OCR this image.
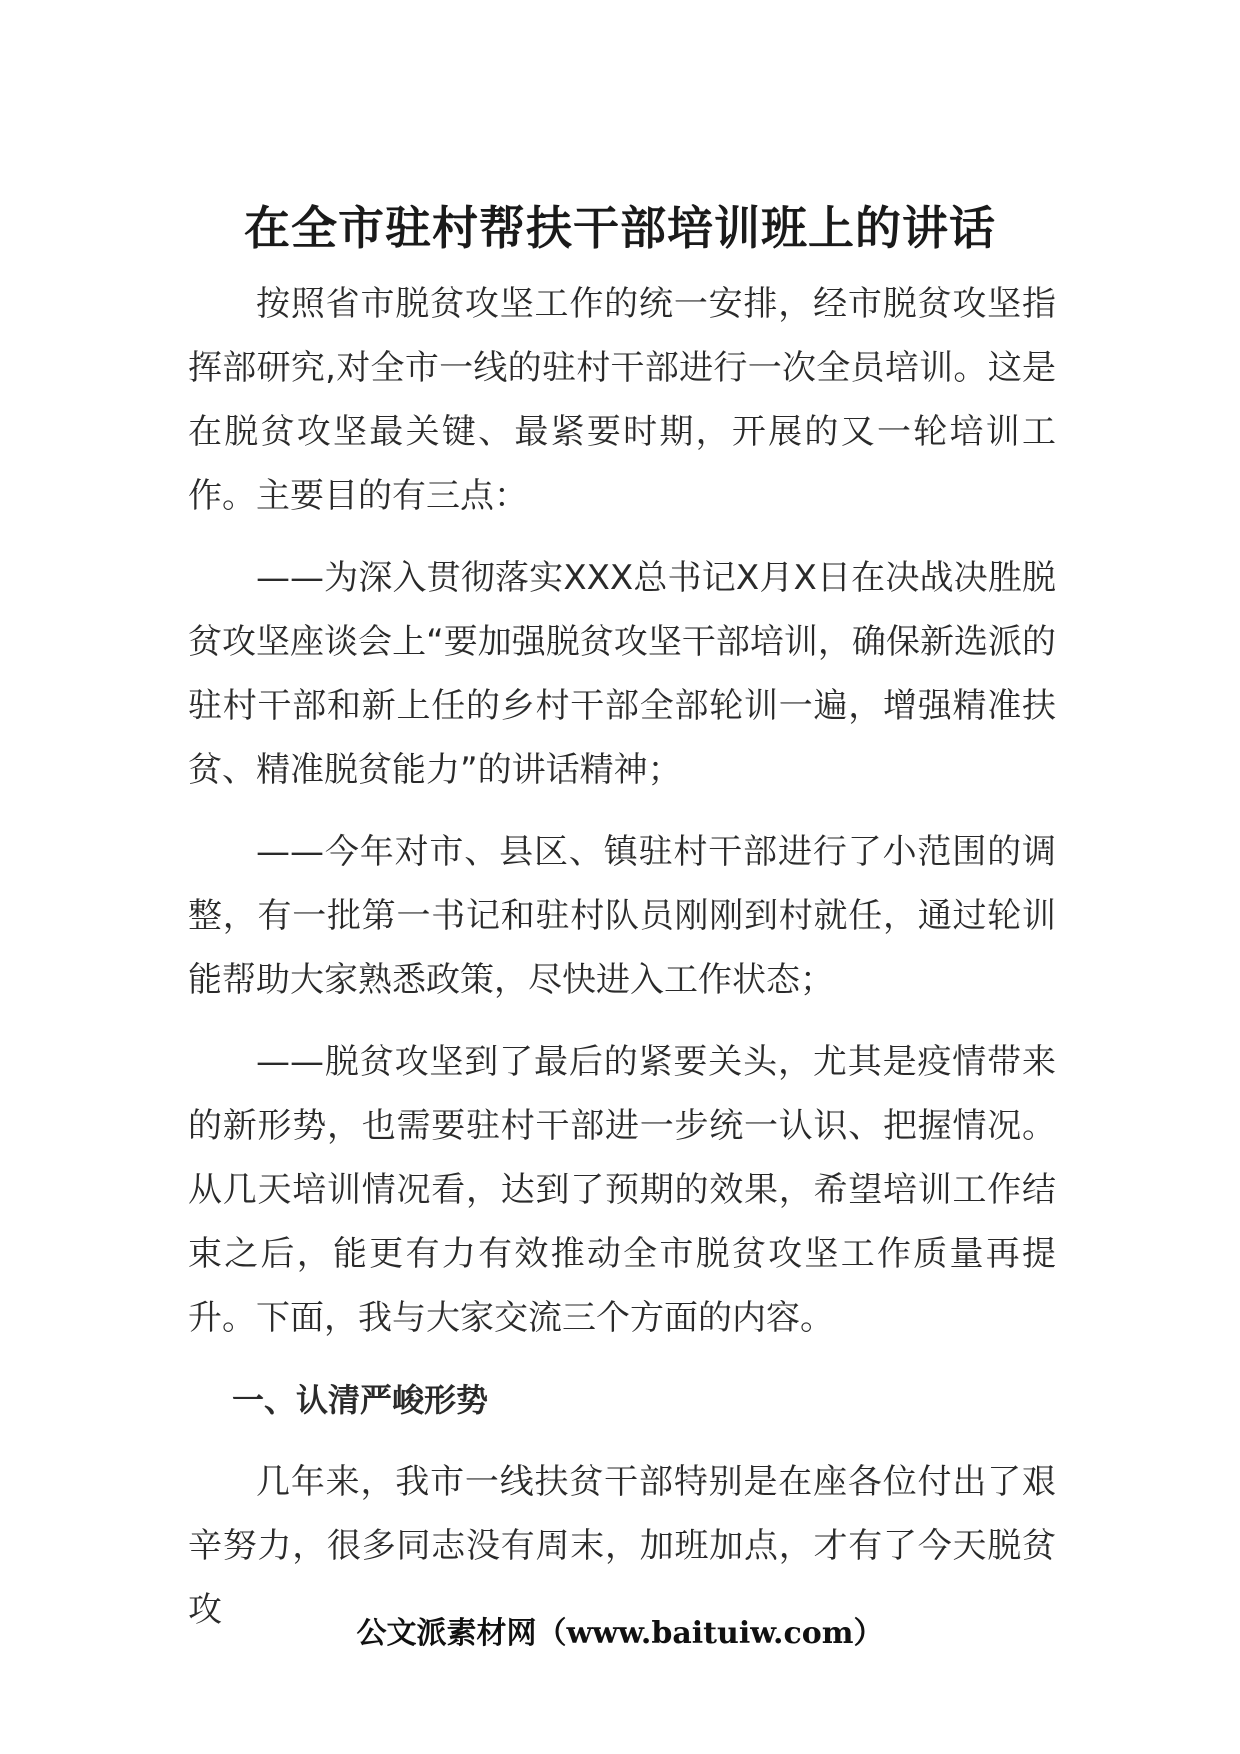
在全市驻村帮扶干部培训班上的讲话

按照省市脱贫攻坚工作的统一安排，经市脱贫攻坚指挥部研究,对全市一线的驻村干部进行一次全员培训。这是在脱贫攻坚最关键、最紧要时期，开展的又一轮培训工作。主要目的有三点：

——为深入贯彻落实XXX总书记X月X日在决战决胜脱贫攻坚座谈会上“要加强脱贫攻坚干部培训，确保新选派的驻村干部和新上任的乡村干部全部轮训一遍，增强精准扶贫、精准脱贫能力”的讲话精神；

——今年对市、县区、镇驻村干部进行了小范围的调整，有一批第一书记和驻村队员刚刚到村就任，通过轮训能帮助大家熟悉政策，尽快进入工作状态；

——脱贫攻坚到了最后的紧要关头，尤其是疫情带来的新形势，也需要驻村干部进一步统一认识、把握情况。从几天培训情况看，达到了预期的效果，希望培训工作结束之后，能更有力有效推动全市脱贫攻坚工作质量再提升。下面，我与大家交流三个方面的内容。

一、认清严峻形势

几年来，我市一线扶贫干部特别是在座各位付出了艰辛努力，很多同志没有周末，加班加点，才有了今天脱贫攻

公文派素材网（www.baituiw.com）
